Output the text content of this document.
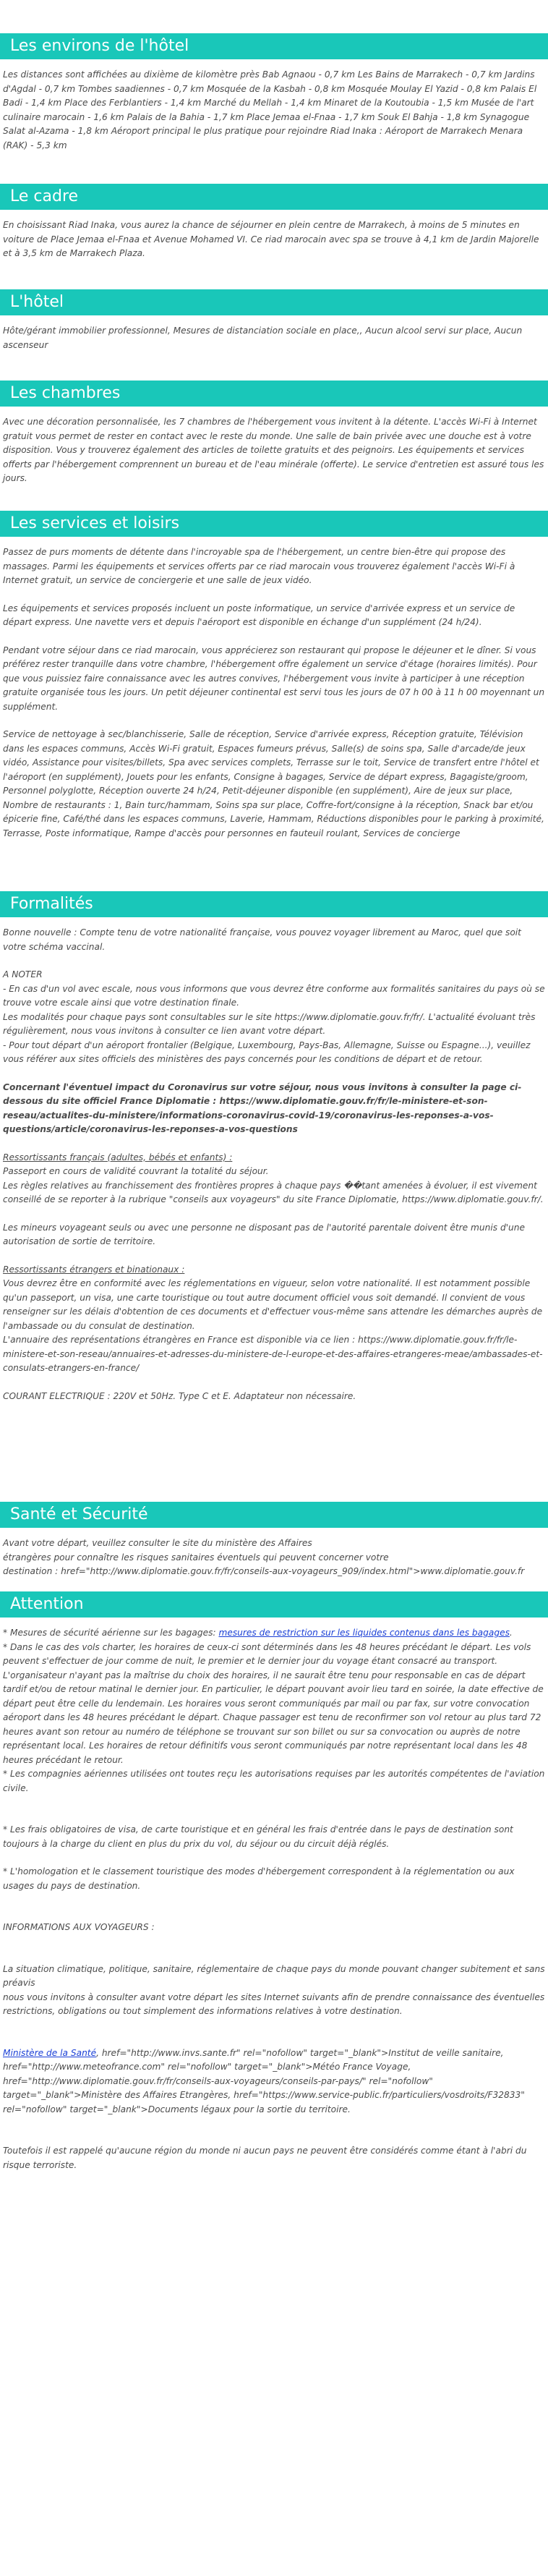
Les environs de l'hôtel

Les distances sont affichées au dixième de kilomètre près Bab Agnaou - 0,7 km Les Bains de Marrakech - 0,7 km Jardins d'Agdal - 0,7 km Tombes saadiennes - 0,7 km Mosquée de la Kasbah - 0,8 km Mosquée Moulay El Yazid - 0,8 km Palais El Badi - 1,4 km Place des Ferblantiers - 1,4 km Marché du Mellah - 1,4 km Minaret de la Koutoubia - 1,5 km Musée de l'art culinaire marocain - 1,6 km Palais de la Bahia - 1,7 km Place Jemaa el-Fnaa - 1,7 km Souk El Bahja - 1,8 km Synagogue Salat al-Azama - 1,8 km Aéroport principal le plus pratique pour rejoindre Riad Inaka : Aéroport de Marrakech Menara (RAK) - 5,3 km

Le cadre

En choisissant Riad Inaka, vous aurez la chance de séjourner en plein centre de Marrakech, à moins de 5 minutes en voiture de Place Jemaa el-Fnaa et Avenue Mohamed VI. Ce riad marocain avec spa se trouve à 4,1 km de Jardin Majorelle et à 3,5 km de Marrakech Plaza.

L'hôtel

Hôte/gérant immobilier professionnel, Mesures de distanciation sociale en place,, Aucun alcool servi sur place, Aucun ascenseur

Les chambres

Avec une décoration personnalisée, les 7 chambres de l'hébergement vous invitent à la détente. L'accès Wi-Fi à Internet gratuit vous permet de rester en contact avec le reste du monde. Une salle de bain privée avec une douche est à votre disposition. Vous y trouverez également des articles de toilette gratuits et des peignoirs. Les équipements et services offerts par l'hébergement comprennent un bureau et de l'eau minérale (offerte). Le service d'entretien est assuré tous les jours.

Les services et loisirs

Passez de purs moments de détente dans l'incroyable spa de l'hébergement, un centre bien-être qui propose des massages. Parmi les équipements et services offerts par ce riad marocain vous trouverez également l'accès Wi-Fi à Internet gratuit, un service de conciergerie et une salle de jeux vidéo.

Les équipements et services proposés incluent un poste informatique, un service d'arrivée express et un service de départ express. Une navette vers et depuis l'aéroport est disponible en échange d'un supplément (24 h/24).

Pendant votre séjour dans ce riad marocain, vous apprécierez son restaurant qui propose le déjeuner et le dîner. Si vous préférez rester tranquille dans votre chambre, l'hébergement offre également un service d'étage (horaires limités). Pour que vous puissiez faire connaissance avec les autres convives, l'hébergement vous invite à participer à une réception gratuite organisée tous les jours. Un petit déjeuner continental est servi tous les jours de 07 h 00 à 11 h 00 moyennant un supplément.

Service de nettoyage à sec/blanchisserie, Salle de réception, Service d'arrivée express, Réception gratuite, Télévision dans les espaces communs, Accès Wi-Fi gratuit, Espaces fumeurs prévus, Salle(s) de soins spa, Salle d'arcade/de jeux vidéo, Assistance pour visites/billets, Spa avec services complets, Terrasse sur le toit, Service de transfert entre l'hôtel et l'aéroport (en supplément), Jouets pour les enfants, Consigne à bagages, Service de départ express, Bagagiste/groom, Personnel polyglotte, Réception ouverte 24 h/24, Petit-déjeuner disponible (en supplément), Aire de jeux sur place, Nombre de restaurants : 1, Bain turc/hammam, Soins spa sur place, Coffre-fort/consigne à la réception, Snack bar et/ou épicerie fine, Café/thé dans les espaces communs, Laverie, Hammam, Réductions disponibles pour le parking à proximité, Terrasse, Poste informatique, Rampe d'accès pour personnes en fauteuil roulant, Services de concierge

Formalités

Bonne nouvelle : Compte tenu de votre nationalité française, vous pouvez voyager librement au Maroc, quel que soit votre schéma vaccinal.

A NOTER
- En cas d'un vol avec escale, nous vous informons que vous devrez être conforme aux formalités sanitaires du pays où se trouve votre escale ainsi que votre destination finale.
Les modalités pour chaque pays sont consultables sur le site https://www.diplomatie.gouv.fr/fr/. L'actualité évoluant très régulièrement, nous vous invitons à consulter ce lien avant votre départ.
- Pour tout départ d'un aéroport frontalier (Belgique, Luxembourg, Pays-Bas, Allemagne, Suisse ou Espagne...), veuillez vous référer aux sites officiels des ministères des pays concernés pour les conditions de départ et de retour.

Concernant l'éventuel impact du Coronavirus sur votre séjour, nous vous invitons à consulter la page ci-dessous du site officiel France Diplomatie : https://www.diplomatie.gouv.fr/fr/le-ministere-et-son-reseau/actualites-du-ministere/informations-coronavirus-covid-19/coronavirus-les-reponses-a-vos-questions/article/coronavirus-les-reponses-a-vos-questions

Ressortissants français (adultes, bébés et enfants) :
Passeport en cours de validité couvrant la totalité du séjour.
Les règles relatives au franchissement des frontières propres à chaque pays ��tant amenées à évoluer, il est vivement conseillé de se reporter à la rubrique "conseils aux voyageurs" du site France Diplomatie, https://www.diplomatie.gouv.fr/.

Les mineurs voyageant seuls ou avec une personne ne disposant pas de l'autorité parentale doivent être munis d'une autorisation de sortie de territoire.

Ressortissants étrangers et binationaux :
Vous devrez être en conformité avec les réglementations en vigueur, selon votre nationalité. Il est notamment possible qu'un passeport, un visa, une carte touristique ou tout autre document officiel vous soit demandé. Il convient de vous renseigner sur les délais d'obtention de ces documents et d'effectuer vous-même sans attendre les démarches auprès de l'ambassade ou du consulat de destination.
L'annuaire des représentations étrangères en France est disponible via ce lien : https://www.diplomatie.gouv.fr/fr/le-ministere-et-son-reseau/annuaires-et-adresses-du-ministere-de-l-europe-et-des-affaires-etrangeres-meae/ambassades-et-consulats-etrangers-en-france/

COURANT ELECTRIQUE : 220V et 50Hz. Type C et E. Adaptateur non nécessaire.

Santé et Sécurité

Avant votre départ, veuillez consulter le site du ministère des Affaires
étrangères pour connaître les risques sanitaires éventuels qui peuvent concerner votre
destination : href="http://www.diplomatie.gouv.fr/fr/conseils-aux-voyageurs_909/index.html">www.diplomatie.gouv.fr

Attention

* Mesures de sécurité aérienne sur les bagages: mesures de restriction sur les liquides contenus dans les bagages.
* Dans le cas des vols charter, les horaires de ceux-ci sont déterminés dans les 48 heures précédant le départ. Les vols peuvent s'effectuer de jour comme de nuit, le premier et le dernier jour du voyage étant consacré au transport. L'organisateur n'ayant pas la maîtrise du choix des horaires, il ne saurait être tenu pour responsable en cas de départ tardif et/ou de retour matinal le dernier jour. En particulier, le départ pouvant avoir lieu tard en soirée, la date effective de départ peut être celle du lendemain. Les horaires vous seront communiqués par mail ou par fax, sur votre convocation aéroport dans les 48 heures précédant le départ. Chaque passager est tenu de reconfirmer son vol retour au plus tard 72 heures avant son retour au numéro de téléphone se trouvant sur son billet ou sur sa convocation ou auprès de notre représentant local. Les horaires de retour définitifs vous seront communiqués par notre représentant local dans les 48 heures précédant le retour.
* Les compagnies aériennes utilisées ont toutes reçu les autorisations requises par les autorités compétentes de l'aviation civile.

* Les frais obligatoires de visa, de carte touristique et en général les frais d'entrée dans le pays de destination sont toujours à la charge du client en plus du prix du vol, du séjour ou du circuit déjà réglés.

* L'homologation et le classement touristique des modes d'hébergement correspondent à la réglementation ou aux usages du pays de destination.

INFORMATIONS AUX VOYAGEURS :

La situation climatique, politique, sanitaire, réglementaire de chaque pays du monde pouvant changer subitement et sans préavis
nous vous invitons à consulter avant votre départ les sites Internet suivants afin de prendre connaissance des éventuelles restrictions, obligations ou tout simplement des informations relatives à votre destination.

Ministère de la Santé, href="http://www.invs.sante.fr" rel="nofollow" target="_blank">Institut de veille sanitaire, href="http://www.meteofrance.com" rel="nofollow" target="_blank">Météo France Voyage, href="http://www.diplomatie.gouv.fr/fr/conseils-aux-voyageurs/conseils-par-pays/" rel="nofollow" target="_blank">Ministère des Affaires Etrangères, href="https://www.service-public.fr/particuliers/vosdroits/F32833" rel="nofollow" target="_blank">Documents légaux pour la sortie du territoire.

Toutefois il est rappelé qu'aucune région du monde ni aucun pays ne peuvent être considérés comme étant à l'abri du risque terroriste.
